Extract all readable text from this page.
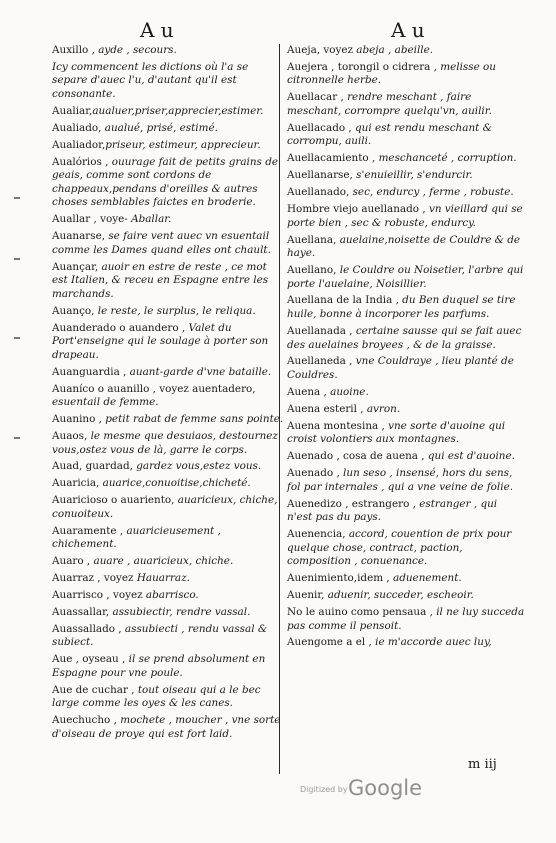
A u	A u
Auxillo , ayde , secours.
Icy commencent les dictions où l'a se separe d'auec l'u, d'autant qu'il est consonante.
Aualiar,aualuer,priser,apprecier,estimer.
Aualiado, aualué, prisé, estimé.
Aualiador,priseur, estimeur, apprecieur.
Aualórios , ouurage fait de petits grains de geais, comme sont cordons de chappeaux,pendans d'oreilles & autres choses semblables faictes en broderie.
Auallar , voye- Aballar.
Auanarse, se faire vent auec vn esuentail comme les Dames quand elles ont chault.
Auançar, auoir en estre de reste , ce mot est Italien, & receu en Espagne entre les marchands.
Auanço, le reste, le surplus, le reliqua.
Auanderado o auandero , Valet du Port'enseigne qui le soulage à porter son drapeau.
Auanguardia , auant-garde d'vne bataille.
Auaníco o auanillo , voyez auentadero, esuentail de femme.
Auanino , petit rabat de femme sans pointe.
Auaos, le mesme que desuiaos, destournez vous,ostez vous de là, garre le corps.
Auad, guardad, gardez vous,estez vous.
Auaricia, auarice,conuoitise,chicheté.
Auaricioso o auariento, auaricieux, chiche, conuoiteux.
Auaramente , auaricieusement , chichement.
Auaro , auare , auaricieux, chiche.
Auarraz , voyez Hauarraz.
Auarrisco , voyez abarrisco.
Auassallar, assubiectir, rendre vassal.
Auassallado , assubiecti , rendu vassal & subiect.
Aue , oyseau , il se prend absolument en Espagne pour vne poule.
Aue de cuchar , tout oiseau qui a le bec large comme les oyes & les canes.
Auechucho , mochete , moucher , vne sorte d'oiseau de proye qui est fort laid.
Aueja, voyez abeja , abeille.
Auejera , torongil o cidrera , melisse ou citronnelle herbe.
Auellacar , rendre meschant , faire meschant, corrompre quelqu'vn, auilir.
Auellacado , qui est rendu meschant & corrompu, auili.
Auellacamiento , meschanceté , corruption.
Auellanarse, s'enuieillir, s'endurcir.
Auellanado, sec, endurcy , ferme , robuste.
Hombre viejo auellanado , vn vieillard qui se porte bien , sec & robuste, endurcy.
Auellana, auelaine,noisette de Couldre & de haye.
Auellano, le Couldre ou Noisetier, l'arbre qui porte l'auelaine, Noisillier.
Auellana de la India , du Ben duquel se tire huile, bonne à incorporer les parfums.
Auellanada , certaine sausse qui se fait auec des auelaines broyees , & de la graisse.
Auellaneda , vne Couldraye , lieu planté de Couldres.
Auena , auoine.
Auena esteril , avron.
Auena montesina , vne sorte d'auoine qui croist volontiers aux montagnes.
Auenado , cosa de auena , qui est d'auoine.
Auenado , lun seso , insensé, hors du sens, fol par internales , qui a vne veine de folie.
Auenedizo , estrangero , estranger , qui n'est pas du pays.
Auenencia, accord, couention de prix pour quelque chose, contract, paction, composition , conuenance.
Auenimiento,idem , aduenement.
Auenir, aduenir, succeder, escheoir.
No le auino como pensaua , il ne luy succeda pas comme il pensoit.
Auengome a el , ie m'accorde auec luy,
m iij
Digitized by Google
